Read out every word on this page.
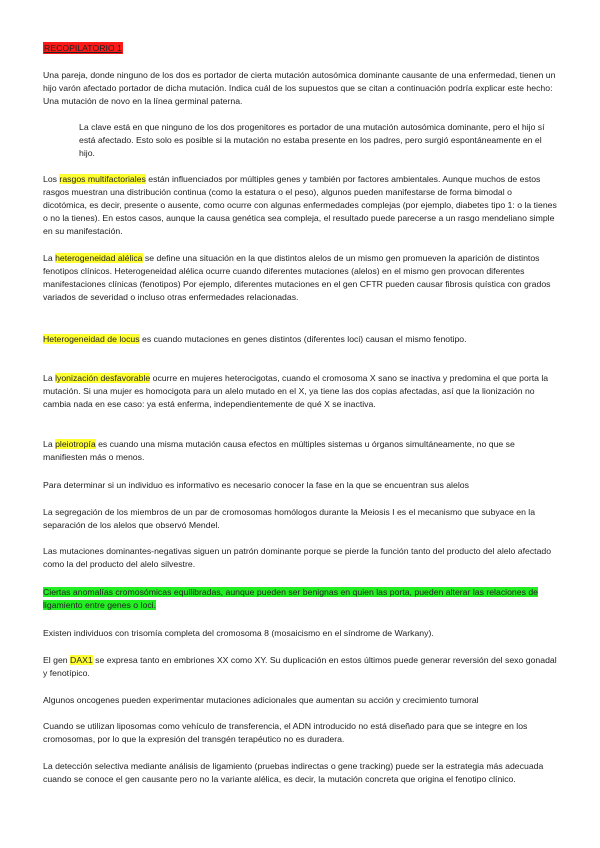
RECOPILATORIO 1

Una pareja, donde ninguno de los dos es portador de cierta mutación autosómica dominante causante de una enfermedad, tienen un hijo varón afectado portador de dicha mutación. Indica cuál de los supuestos que se citan a continuación podría explicar este hecho: Una mutación de novo en la línea germinal paterna.

La clave está en que ninguno de los dos progenitores es portador de una mutación autosómica dominante, pero el hijo sí está afectado. Esto solo es posible si la mutación no estaba presente en los padres, pero surgió espontáneamente en el hijo.

Los rasgos multifactoriales están influenciados por múltiples genes y también por factores ambientales. Aunque muchos de estos rasgos muestran una distribución continua (como la estatura o el peso), algunos pueden manifestarse de forma bimodal o dicotómica, es decir, presente o ausente, como ocurre con algunas enfermedades complejas (por ejemplo, diabetes tipo 1: o la tienes o no la tienes). En estos casos, aunque la causa genética sea compleja, el resultado puede parecerse a un rasgo mendeliano simple en su manifestación.

La heterogeneidad alélica se define una situación en la que distintos alelos de un mismo gen promueven la aparición de distintos fenotipos clínicos. Heterogeneidad alélica ocurre cuando diferentes mutaciones (alelos) en el mismo gen provocan diferentes manifestaciones clínicas (fenotipos) Por ejemplo, diferentes mutaciones en el gen CFTR pueden causar fibrosis quística con grados variados de severidad o incluso otras enfermedades relacionadas.

Heterogeneidad de locus es cuando mutaciones en genes distintos (diferentes loci) causan el mismo fenotipo.

La lyonización desfavorable ocurre en mujeres heterocigotas, cuando el cromosoma X sano se inactiva y predomina el que porta la mutación. Si una mujer es homocigota para un alelo mutado en el X, ya tiene las dos copias afectadas, así que la lionización no cambia nada en ese caso: ya está enferma, independientemente de qué X se inactiva.

La pleiotropía es cuando una misma mutación causa efectos en múltiples sistemas u órganos simultáneamente, no que se manifiesten más o menos.

Para determinar si un individuo es informativo es necesario conocer la fase en la que se encuentran sus alelos

La segregación de los miembros de un par de cromosomas homólogos durante la Meiosis I es el mecanismo que subyace en la separación de los alelos que observó Mendel.

Las mutaciones dominantes-negativas siguen un patrón dominante porque se pierde la función tanto del producto del alelo afectado como la del producto del alelo silvestre.

Ciertas anomalías cromosómicas equilibradas, aunque pueden ser benignas en quien las porta, pueden alterar las relaciones de ligamiento entre genes o loci.

Existen individuos con trisomía completa del cromosoma 8 (mosaicismo en el síndrome de Warkany).

El gen DAX1 se expresa tanto en embriones XX como XY. Su duplicación en estos últimos puede generar reversión del sexo gonadal y fenotípico.

Algunos oncogenes pueden experimentar mutaciones adicionales que aumentan su acción y crecimiento tumoral

Cuando se utilizan liposomas como vehículo de transferencia, el ADN introducido no está diseñado para que se integre en los cromosomas, por lo que la expresión del transgén terapéutico no es duradera.

La detección selectiva mediante análisis de ligamiento (pruebas indirectas o gene tracking) puede ser la estrategia más adecuada cuando se conoce el gen causante pero no la variante alélica, es decir, la mutación concreta que origina el fenotipo clínico.
